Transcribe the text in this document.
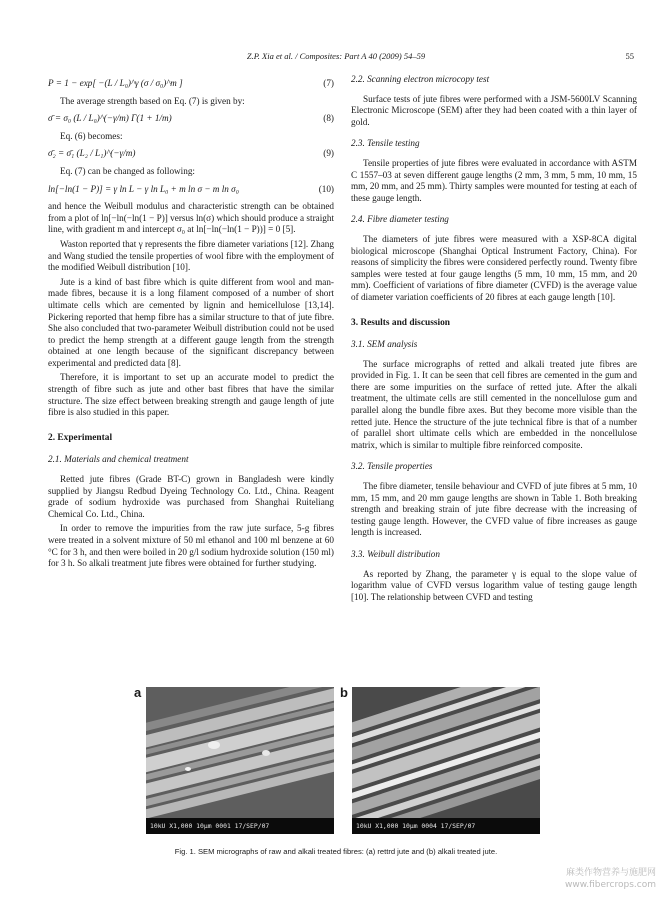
Z.P. Xia et al. / Composites: Part A 40 (2009) 54–59	55
P = 1 − exp[ −(L / L₀)^γ (σ / σ₀)^m ]	(7)

The average strength based on Eq. (7) is given by:

σ̄ = σ₀ (L / L₀)^(−γ/m) Γ(1 + 1/m)	(8)

Eq. (6) becomes:

σ̄₂ = σ̄₁ (L₂ / L₁)^(−γ/m)	(9)

Eq. (7) can be changed as following:

ln[−ln(1 − P)] = γ ln L − γ ln L₀ + m ln σ − m ln σ₀	(10)

and hence the Weibull modulus and characteristic strength can be obtained from a plot of ln[−ln(−ln(1 − P)] versus ln(σ) which should produce a straight line, with gradient m and intercept σ₀ at ln[−ln(−ln(1 − P))] = 0 [5].

Waston reported that γ represents the fibre diameter variations [12]. Zhang and Wang studied the tensile properties of wool fibre with the employment of the modified Weibull distribution [10].

Jute is a kind of bast fibre which is quite different from wool and man-made fibres, because it is a long filament composed of a number of short ultimate cells which are cemented by lignin and hemicellulose [13,14]. Pickering reported that hemp fibre has a similar structure to that of jute fibre. She also concluded that two-parameter Weibull distribution could not be used to predict the hemp strength at a different gauge length from the strength obtained at one length because of the significant discrepancy between experimental and predicted data [8].

Therefore, it is important to set up an accurate model to predict the strength of fibre such as jute and other bast fibres that have the similar structure. The size effect between breaking strength and gauge length of jute fibre is also studied in this paper.

2. Experimental
2.1. Materials and chemical treatment

Retted jute fibres (Grade BT-C) grown in Bangladesh were kindly supplied by Jiangsu Redbud Dyeing Technology Co. Ltd., China. Reagent grade of sodium hydroxide was purchased from Shanghai Ruiteliang Chemical Co. Ltd., China.

In order to remove the impurities from the raw jute surface, 5-g fibres were treated in a solvent mixture of 50 ml ethanol and 100 ml benzene at 60 °C for 3 h, and then were boiled in 20 g/l sodium hydroxide solution (150 ml) for 3 h. So alkali treatment jute fibres were obtained for further studying.

2.2. Scanning electron microcopy test

Surface tests of jute fibres were performed with a JSM-5600LV Scanning Electronic Microscope (SEM) after they had been coated with a thin layer of gold.

2.3. Tensile testing

Tensile properties of jute fibres were evaluated in accordance with ASTM C 1557–03 at seven different gauge lengths (2 mm, 3 mm, 5 mm, 10 mm, 15 mm, 20 mm, and 25 mm). Thirty samples were mounted for testing at each of these gauge length.

2.4. Fibre diameter testing

The diameters of jute fibres were measured with a XSP-8CA digital biological microscope (Shanghai Optical Instrument Factory, China). For reasons of simplicity the fibres were considered perfectly round. Twenty fibre samples were tested at four gauge lengths (5 mm, 10 mm, 15 mm, and 20 mm). Coefficient of variations of fibre diameter (CVFD) is the average value of diameter variation coefficients of 20 fibres at each gauge length [10].

3. Results and discussion
3.1. SEM analysis

The surface micrographs of retted and alkali treated jute fibres are provided in Fig. 1. It can be seen that cell fibres are cemented in the gum and there are some impurities on the surface of retted jute. After the alkali treatment, the ultimate cells are still cemented in the noncellulose gum and parallel along the bundle fibre axes. But they become more visible than the retted jute. Hence the structure of the jute technical fibre is that of a number of parallel short ultimate cells which are embedded in the noncellulose matrix, which is similar to multiple fibre reinforced composite.

3.2. Tensile properties

The fibre diameter, tensile behaviour and CVFD of jute fibres at 5 mm, 10 mm, 15 mm, and 20 mm gauge lengths are shown in Table 1. Both breaking strength and breaking strain of jute fibre decrease with the increasing of testing gauge length. However, the CVFD value of fibre increases as gauge length is increased.

3.3. Weibull distribution

As reported by Zhang, the parameter γ is equal to the slope value of logarithm value of CVFD versus logarithm value of testing gauge length [10]. The relationship between CVFD and testing

a	b
10kU X1,000 10μm 0001 17/SEP/07	10kU X1,000 10μm 0004 17/SEP/07
Fig. 1. SEM micrographs of raw and alkali treated fibres: (a) rettrd jute and (b) alkali treated jute.
麻类作物营养与施肥网
www.fibercrops.com
